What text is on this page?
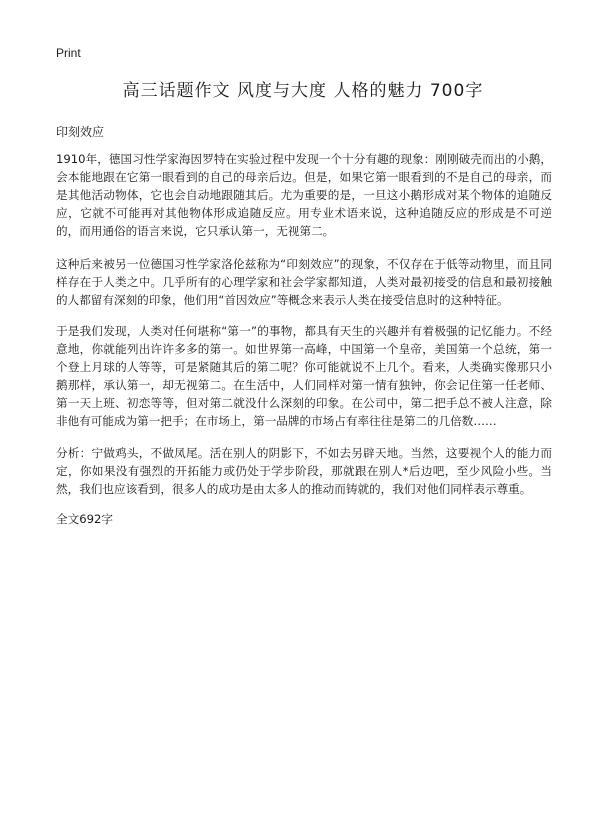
Print
高三话题作文 风度与大度 人格的魅力 700字
印刻效应

1910年，德国习性学家海因罗特在实验过程中发现一个十分有趣的现象：刚刚破壳而出的小鹅，会本能地跟在它第一眼看到的自己的母亲后边。但是，如果它第一眼看到的不是自己的母亲，而是其他活动物体，它也会自动地跟随其后。尤为重要的是，一旦这小鹅形成对某个物体的追随反应，它就不可能再对其他物体形成追随反应。用专业术语来说，这种追随反应的形成是不可逆的，而用通俗的语言来说，它只承认第一，无视第二。

这种后来被另一位德国习性学家洛伦兹称为“印刻效应”的现象，不仅存在于低等动物里，而且同样存在于人类之中。几乎所有的心理学家和社会学家都知道，人类对最初接受的信息和最初接触的人都留有深刻的印象，他们用“首因效应”等概念来表示人类在接受信息时的这种特征。

于是我们发现，人类对任何堪称“第一”的事物，都具有天生的兴趣并有着极强的记忆能力。不经意地，你就能列出许许多多的第一。如世界第一高峰，中国第一个皇帝，美国第一个总统，第一个登上月球的人等等，可是紧随其后的第二呢？你可能就说不上几个。看来，人类确实像那只小鹅那样，承认第一，却无视第二。在生活中，人们同样对第一情有独钟，你会记住第一任老师、第一天上班、初恋等等，但对第二就没什么深刻的印象。在公司中，第二把手总不被人注意，除非他有可能成为第一把手；在市场上，第一品牌的市场占有率往往是第二的几倍数……

分析：宁做鸡头，不做凤尾。活在别人的阴影下，不如去另辟天地。当然，这要视个人的能力而定，你如果没有强烈的开拓能力或仍处于学步阶段，那就跟在别人*后边吧，至少风险小些。当然，我们也应该看到，很多人的成功是由太多人的推动而铸就的，我们对他们同样表示尊重。

全文692字
